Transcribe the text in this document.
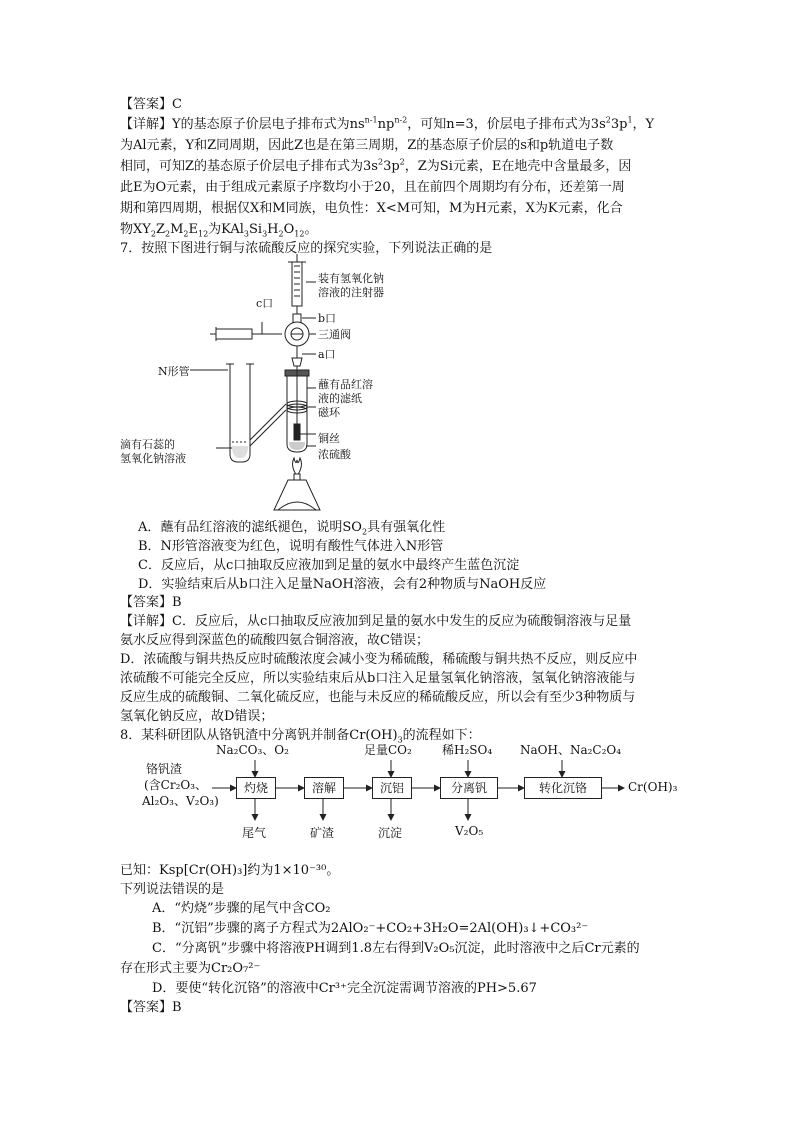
【答案】C
【详解】Y的基态原子价层电子排布式为$ns^{n-1}np^{n-2}$，可知n=3，价层电子排布式为$3s^23p^1$，Y
为Al元素，Y和Z同周期，因此Z也是在第三周期，Z的基态原子价层的s和p轨道电子数
相同，可知Z的基态原子价层电子排布式为$3s^23p^2$，Z为Si元素，E在地壳中含量最多，因
此E为O元素，由于组成元素原子序数均小于20，且在前四个周期均有分布，还差第一周
期和第四周期，根据仅X和M同族，电负性：X<M可知，M为H元素，X为K元素，化合
物$XY_2Z_2M_2E_{12}$为$KAl_3Si_3H_2O_{12}$。
7．按照下图进行铜与浓硫酸反应的探究实验，下列说法正确的是
装有氢氧化钠
溶液的注射器
c口
b口
三通阀
a口
N形管
蘸有品红溶
液的滤纸
磁环
铜丝
浓硫酸
滴有石蕊的
氢氧化钠溶液
A．蘸有品红溶液的滤纸褪色，说明$SO_2$具有强氧化性
B．N形管溶液变为红色，说明有酸性气体进入N形管
C．反应后，从c口抽取反应液加到足量的氨水中最终产生蓝色沉淀
D．实验结束后从b口注入足量NaOH溶液，会有2种物质与NaOH反应
【答案】B
【详解】C．反应后，从c口抽取反应液加到足量的氨水中发生的反应为硫酸铜溶液与足量
氨水反应得到深蓝色的硫酸四氨合铜溶液，故C错误；
D．浓硫酸与铜共热反应时硫酸浓度会减小变为稀硫酸，稀硫酸与铜共热不反应，则反应中
浓硫酸不可能完全反应，所以实验结束后从b口注入足量氢氧化钠溶液，氢氧化钠溶液能与
反应生成的硫酸铜、二氧化硫反应，也能与未反应的稀硫酸反应，所以会有至少3种物质与
氢氧化钠反应，故D错误；
8．某科研团队从铬钒渣中分离钒并制备$Cr(OH)_3$的流程如下：
铬钒渣
(含Cr₂O₃、
Al₂O₃、V₂O₃)
灼烧	溶解	沉铝	分离钒	转化沉铬
Na₂CO₃、O₂	足量CO₂	稀H₂SO₄ NaOH、Na₂C₂O₄
尾气	矿渣	沉淀	V₂O₅
Cr(OH)₃
已知：Ksp[Cr(OH)₃]约为1×10⁻³⁰。
下列说法错误的是
A．“灼烧”步骤的尾气中含CO₂
B．“沉铝”步骤的离子方程式为2AlO₂⁻+CO₂+3H₂O=2Al(OH)₃↓+CO₃²⁻
C．“分离钒”步骤中将溶液PH调到1.8左右得到V₂O₅沉淀，此时溶液中之后Cr元素的
存在形式主要为Cr₂O₇²⁻
D．要使“转化沉铬”的溶液中Cr³⁺完全沉淀需调节溶液的PH>5.67
【答案】B
